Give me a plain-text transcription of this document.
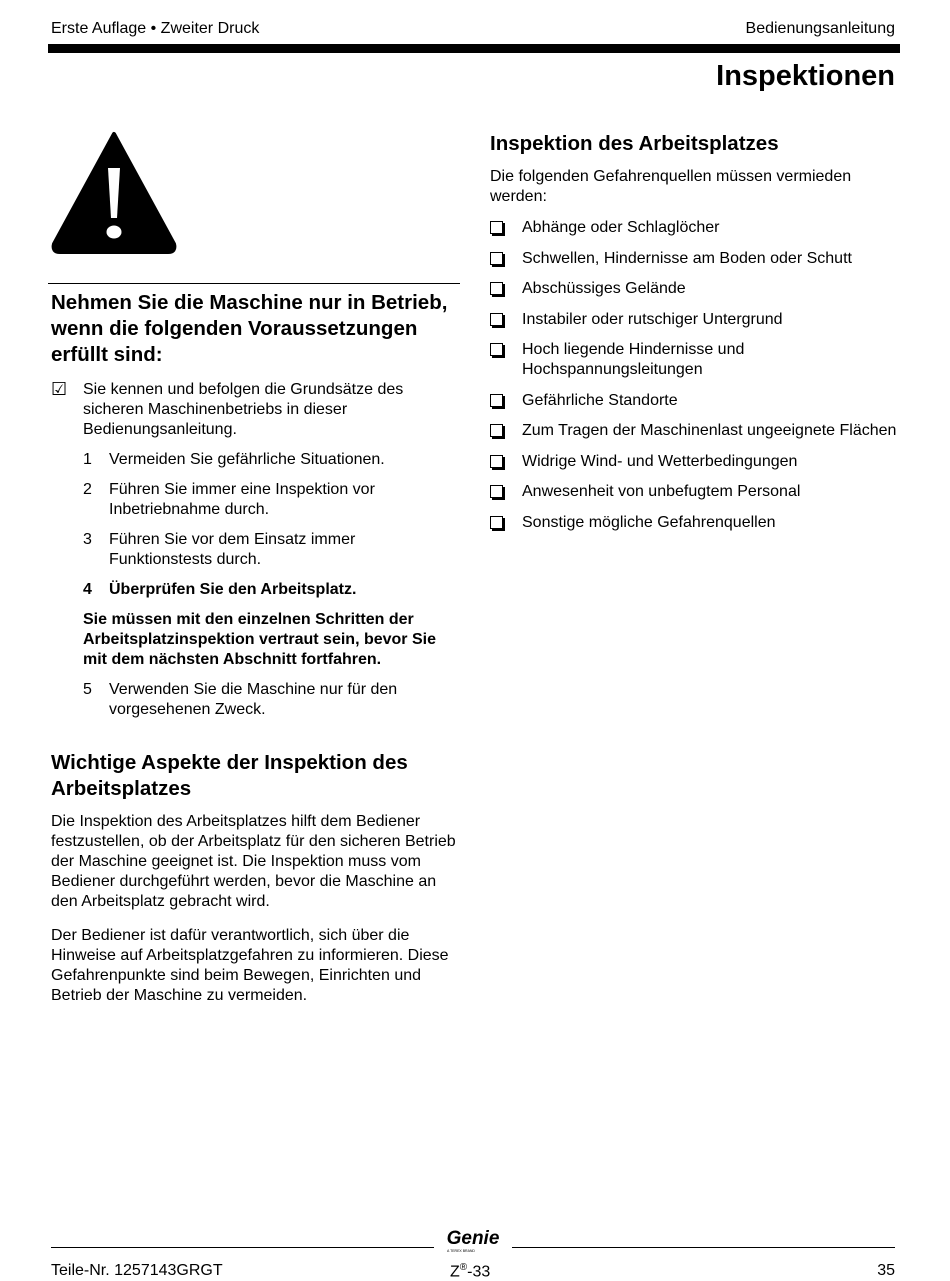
Erste Auflage • Zweiter Druck	Bedienungsanleitung
Inspektionen
Nehmen Sie die Maschine nur in Betrieb, wenn die folgenden Voraussetzungen erfüllt sind:
☑ Sie kennen und befolgen die Grundsätze des sicheren Maschinenbetriebs in dieser Bedienungsanleitung.
1	Vermeiden Sie gefährliche Situationen.
2	Führen Sie immer eine Inspektion vor Inbetriebnahme durch.
3	Führen Sie vor dem Einsatz immer Funktionstests durch.
4	Überprüfen Sie den Arbeitsplatz.

Sie müssen mit den einzelnen Schritten der Arbeitsplatzinspektion vertraut sein, bevor Sie mit dem nächsten Abschnitt fortfahren.

5	Verwenden Sie die Maschine nur für den vorgesehenen Zweck.
Wichtige Aspekte der Inspektion des Arbeitsplatzes

Die Inspektion des Arbeitsplatzes hilft dem Bediener festzustellen, ob der Arbeitsplatz für den sicheren Betrieb der Maschine geeignet ist. Die Inspektion muss vom Bediener durchgeführt werden, bevor die Maschine an den Arbeitsplatz gebracht wird.

Der Bediener ist dafür verantwortlich, sich über die Hinweise auf Arbeitsplatzgefahren zu informieren. Diese Gefahrenpunkte sind beim Bewegen, Einrichten und Betrieb der Maschine zu vermeiden.

Inspektion des Arbeitsplatzes

Die folgenden Gefahrenquellen müssen vermieden werden:

Abhänge oder Schlaglöcher
Schwellen, Hindernisse am Boden oder Schutt
Abschüssiges Gelände
Instabiler oder rutschiger Untergrund
Hoch liegende Hindernisse und Hochspannungsleitungen
Gefährliche Standorte
Zum Tragen der Maschinenlast ungeeignete Flächen
Widrige Wind- und Wetterbedingungen
Anwesenheit von unbefugtem Personal
Sonstige mögliche Gefahrenquellen
Genie
A TEREX BRAND
Teile-Nr. 1257143GRGT	Z®-33	35
